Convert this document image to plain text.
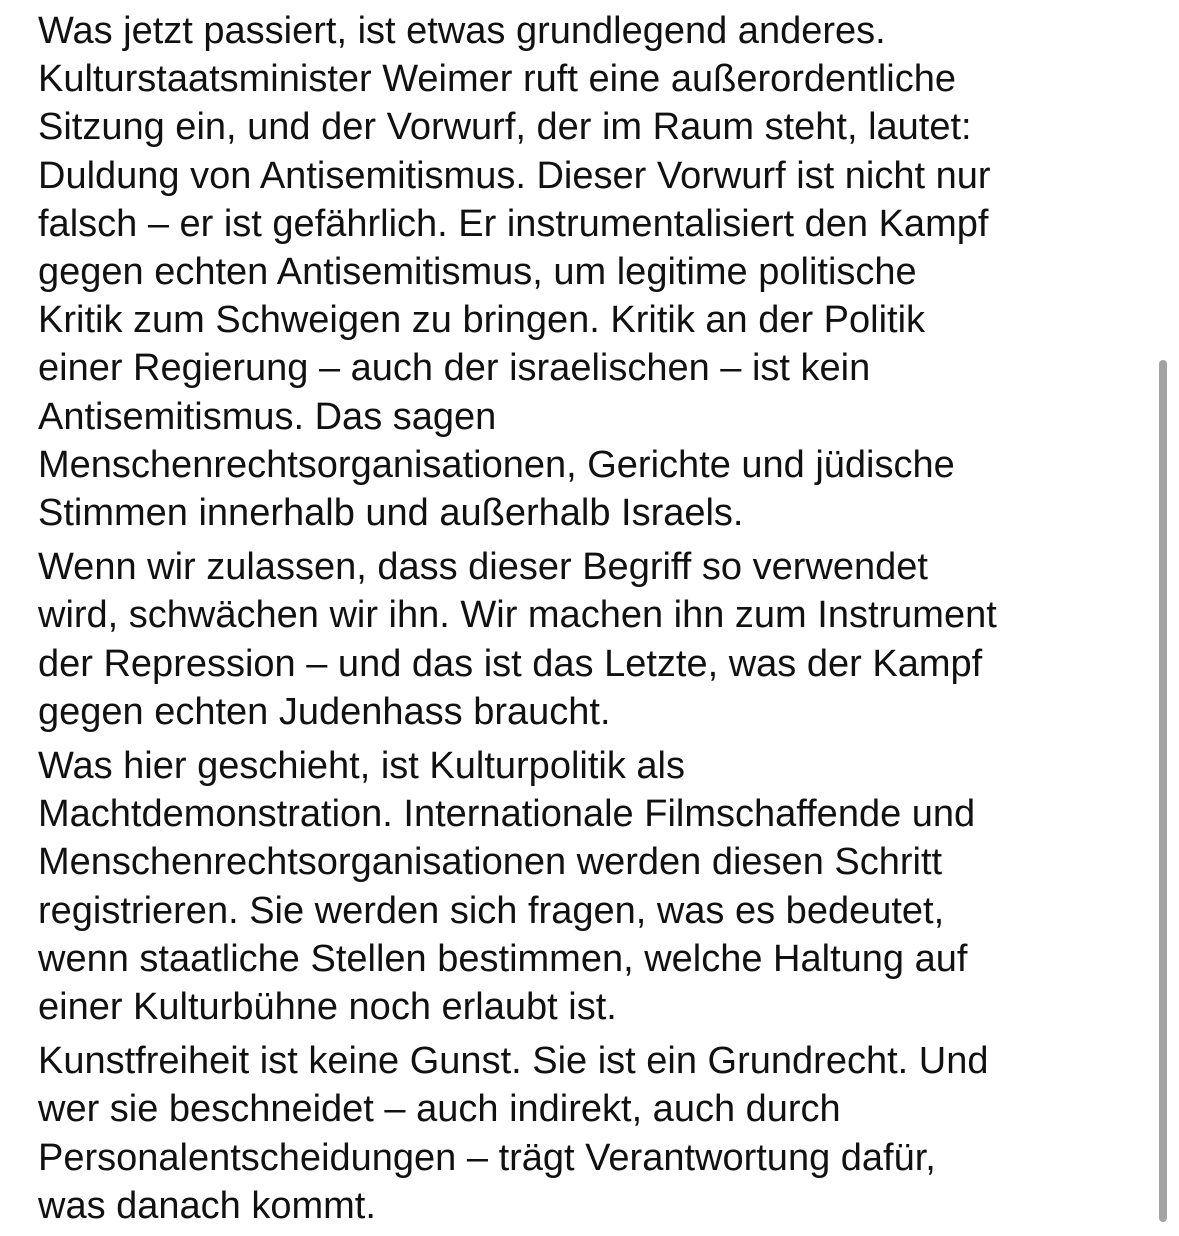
Was jetzt passiert, ist etwas grundlegend anderes.
Kulturstaatsminister Weimer ruft eine außerordentliche
Sitzung ein, und der Vorwurf, der im Raum steht, lautet:
Duldung von Antisemitismus. Dieser Vorwurf ist nicht nur
falsch – er ist gefährlich. Er instrumentalisiert den Kampf
gegen echten Antisemitismus, um legitime politische
Kritik zum Schweigen zu bringen. Kritik an der Politik
einer Regierung – auch der israelischen – ist kein
Antisemitismus. Das sagen
Menschenrechtsorganisationen, Gerichte und jüdische
Stimmen innerhalb und außerhalb Israels.

Wenn wir zulassen, dass dieser Begriff so verwendet
wird, schwächen wir ihn. Wir machen ihn zum Instrument
der Repression – und das ist das Letzte, was der Kampf
gegen echten Judenhass braucht.

Was hier geschieht, ist Kulturpolitik als
Machtdemonstration. Internationale Filmschaffende und
Menschenrechtsorganisationen werden diesen Schritt
registrieren. Sie werden sich fragen, was es bedeutet,
wenn staatliche Stellen bestimmen, welche Haltung auf
einer Kulturbühne noch erlaubt ist.

Kunstfreiheit ist keine Gunst. Sie ist ein Grundrecht. Und
wer sie beschneidet – auch indirekt, auch durch
Personalentscheidungen – trägt Verantwortung dafür,
was danach kommt.
